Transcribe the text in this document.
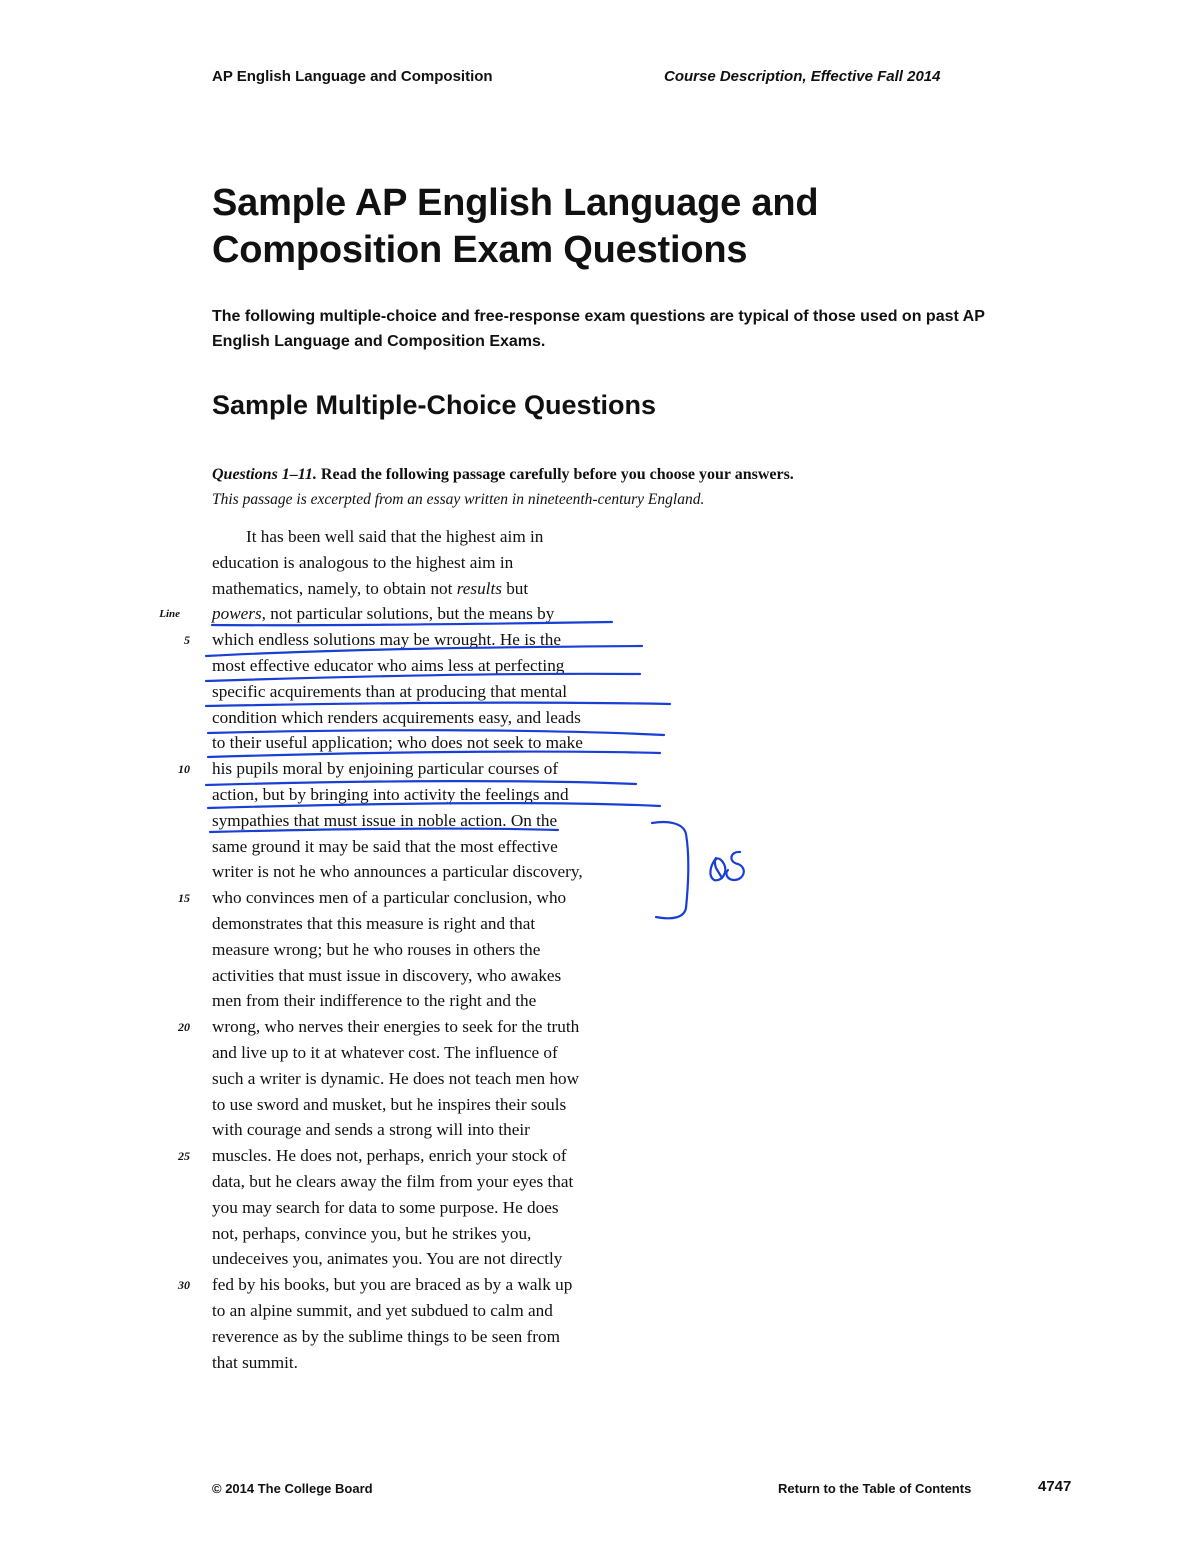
AP English Language and Composition	Course Description, Effective Fall 2014
Sample AP English Language and Composition Exam Questions

The following multiple-choice and free-response exam questions are typical of those used on past AP English Language and Composition Exams.

Sample Multiple-Choice Questions
Questions 1–11. Read the following passage carefully before you choose your answers.
This passage is excerpted from an essay written in nineteenth-century England.
It has been well said that the highest aim in
education is analogous to the highest aim in
mathematics, namely, to obtain not results but
powers, not particular solutions, but the means by
which endless solutions may be wrought. He is the
most effective educator who aims less at perfecting
specific acquirements than at producing that mental
condition which renders acquirements easy, and leads
to their useful application; who does not seek to make
his pupils moral by enjoining particular courses of
action, but by bringing into activity the feelings and
sympathies that must issue in noble action. On the
same ground it may be said that the most effective
writer is not he who announces a particular discovery,
who convinces men of a particular conclusion, who
demonstrates that this measure is right and that
measure wrong; but he who rouses in others the
activities that must issue in discovery, who awakes
men from their indifference to the right and the
wrong, who nerves their energies to seek for the truth
and live up to it at whatever cost. The influence of
such a writer is dynamic. He does not teach men how
to use sword and musket, but he inspires their souls
with courage and sends a strong will into their
muscles. He does not, perhaps, enrich your stock of
data, but he clears away the film from your eyes that
you may search for data to some purpose. He does
not, perhaps, convince you, but he strikes you,
undeceives you, animates you. You are not directly
fed by his books, but you are braced as by a walk up
to an alpine summit, and yet subdued to calm and
reverence as by the sublime things to be seen from
that summit.
Line
5
10
15
20
25
30
© 2014 The College Board	Return to the Table of Contents	4747
